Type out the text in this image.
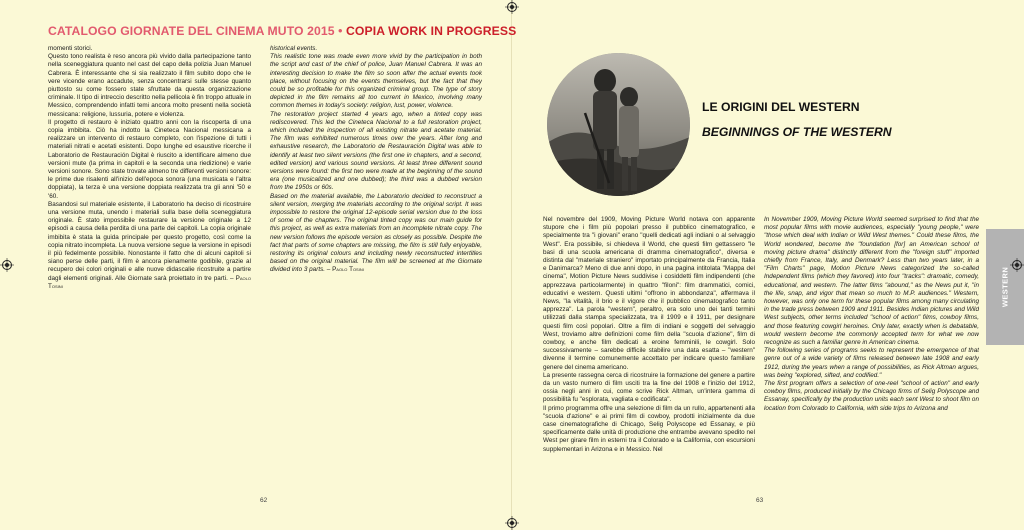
CATALOGO GIORNATE DEL CINEMA MUTO 2015 • COPIA WORK IN PROGRESS

momenti storici.

Questo tono realista è reso ancora più vivido dalla partecipazione tanto nella sceneggiatura quanto nel cast del capo della polizia Juan Manuel Cabrera. È interessante che si sia realizzato il film subito dopo che le vere vicende erano accadute, senza concentrarsi sulle stesse quanto piuttosto su come fossero state sfruttate da questa organizzazione criminale. Il tipo di intreccio descritto nella pellicola è fin troppo attuale in Messico, comprendendo infatti temi ancora molto presenti nella società messicana: religione, lussuria, potere e violenza.

Il progetto di restauro è iniziato quattro anni con la riscoperta di una copia imbibita. Ciò ha indotto la Cineteca Nacional messicana a realizzare un intervento di restauro completo, con l'ispezione di tutti i materiali nitrati e acetati esistenti. Dopo lunghe ed esaustive ricerche il Laboratorio de Restauración Digital è riuscito a identificare almeno due versioni mute (la prima in capitoli e la seconda una riedizione) e varie versioni sonore. Sono state trovate almeno tre differenti versioni sonore: le prime due risalenti all'inizio dell'epoca sonora (una musicata e l'altra doppiata), la terza è una versione doppiata realizzata tra gli anni '50 e '60.

Basandosi sul materiale esistente, il Laboratorio ha deciso di ricostruire una versione muta, unendo i materiali sulla base della sceneggiatura originale. È stato impossibile restaurare la versione originale a 12 episodi a causa della perdita di una parte dei capitoli. La copia originale imbibita è stata la guida principale per questo progetto, così come la copia nitrato incompleta. La nuova versione segue la versione in episodi il più fedelmente possibile. Nonostante il fatto che di alcuni capitoli si siano perse delle parti, il film è ancora pienamente godibile, grazie al recupero dei colori originali e alle nuove didascalie ricostruite a partire dagli elementi originali. Alle Giornate sarà proiettato in tre parti. – Paolo Tosini

historical events.

This realistic tone was made even more vivid by the participation in both the script and cast of the chief of police, Juan Manuel Cabrera. It was an interesting decision to make the film so soon after the actual events took place, without focusing on the events themselves, but the fact that they could be so profitable for this organized criminal group. The type of story depicted in the film remains all too current in Mexico, involving many common themes in today's society: religion, lust, power, violence.

The restoration project started 4 years ago, when a tinted copy was rediscovered. This led the Cineteca Nacional to a full restoration project, which included the inspection of all existing nitrate and acetate material. The film was exhibited numerous times over the years. After long and exhaustive research, the Laboratorio de Restauración Digital was able to identify at least two silent versions (the first one in chapters, and a second, edited version) and various sound versions. At least three different sound versions were found: the first two were made at the beginning of the sound era (one musicalized and one dubbed); the third was a dubbed version from the 1950s or 60s.

Based on the material available, the Laboratorio decided to reconstruct a silent version, merging the materials according to the original script. It was impossible to restore the original 12-episode serial version due to the loss of some of the chapters. The original tinted copy was our main guide for this project, as well as extra materials from an incomplete nitrate copy. The new version follows the episode version as closely as possible. Despite the fact that parts of some chapters are missing, the film is still fully enjoyable, restoring its original colours and including newly reconstructed intertitles based on the original material. The film will be screened at the Giornate divided into 3 parts. – Paolo Tosini

62
LE ORIGINI DEL WESTERN
BEGINNINGS OF THE WESTERN
WESTERN

Nel novembre del 1909, Moving Picture World notava con apparente stupore che i film più popolari presso il pubblico cinematografico, e specialmente tra "i giovani" erano "quelli dedicati agli indiani o al selvaggio West". Era possibile, si chiedeva il World, che questi film gettassero "le basi di una scuola americana di dramma cinematografico", diversa e distinta dal "materiale straniero" importato principalmente da Francia, Italia e Danimarca? Meno di due anni dopo, in una pagina intitolata "Mappa del cinema", Motion Picture News suddivise i cosiddetti film indipendenti (che apprezzava particolarmente) in quattro "filoni": film drammatici, comici, educativi e western. Questi ultimi "offrono in abbondanza", affermava il News, "la vitalità, il brio e il vigore che il pubblico cinematografico tanto apprezza". La parola "western", peraltro, era solo uno dei tanti termini utilizzati dalla stampa specializzata, tra il 1909 e il 1911, per designare questi film così popolari. Oltre a film di indiani e soggetti del selvaggio West, troviamo altre definizioni come film della "scuola d'azione", film di cowboy, e anche film dedicati a eroine femminili, le cowgirl. Solo successivamente – sarebbe difficile stabilire una data esatta – "western" divenne il termine comunemente accettato per indicare questo familiare genere del cinema americano.

La presente rassegna cerca di ricostruire la formazione del genere a partire da un vasto numero di film usciti tra la fine del 1908 e l'inizio del 1912, ossia negli anni in cui, come scrive Rick Altman, un'intera gamma di possibilità fu "esplorata, vagliata e codificata".

Il primo programma offre una selezione di film da un rullo, appartenenti alla "scuola d'azione" e ai primi film di cowboy, prodotti inizialmente da due case cinematografiche di Chicago, Selig Polyscope ed Essanay, e più specificamente dalle unità di produzione che entrambe avevano spedito nel West per girare film in esterni tra il Colorado e la California, con escursioni supplementari in Arizona e in Messico. Nel

In November 1909, Moving Picture World seemed surprised to find that the most popular films with movie audiences, especially "young people," were "those which deal with Indian or Wild West themes." Could these films, the World wondered, become the "foundation [for] an American school of moving picture drama" distinctly different from the "foreign stuff" imported chiefly from France, Italy, and Denmark? Less than two years later, in a "Film Charts" page, Motion Picture News categorized the so-called Independent films (which they favored) into four "tracks": dramatic, comedy, educational, and western. The latter films "abound," as the News put it, "in the life, snap, and vigor that mean so much to M.P. audiences." Western, however, was only one term for these popular films among many circulating in the trade press between 1909 and 1911. Besides Indian pictures and Wild West subjects, other terms included "school of action" films, cowboy films, and those featuring cowgirl heroines. Only later, exactly when is debatable, would western become the commonly accepted term for what we now recognize as such a familiar genre in American cinema.

The following series of programs seeks to represent the emergence of that genre out of a wide variety of films released between late 1908 and early 1912, during the years when a range of possibilities, as Rick Altman argues, was being "explored, sifted, and codified."

The first program offers a selection of one-reel "school of action" and early cowboy films, produced initially by the Chicago firms of Selig Polyscope and Essanay, specifically by the production units each sent West to shoot film on location from Colorado to California, with side trips to Arizona and

63
